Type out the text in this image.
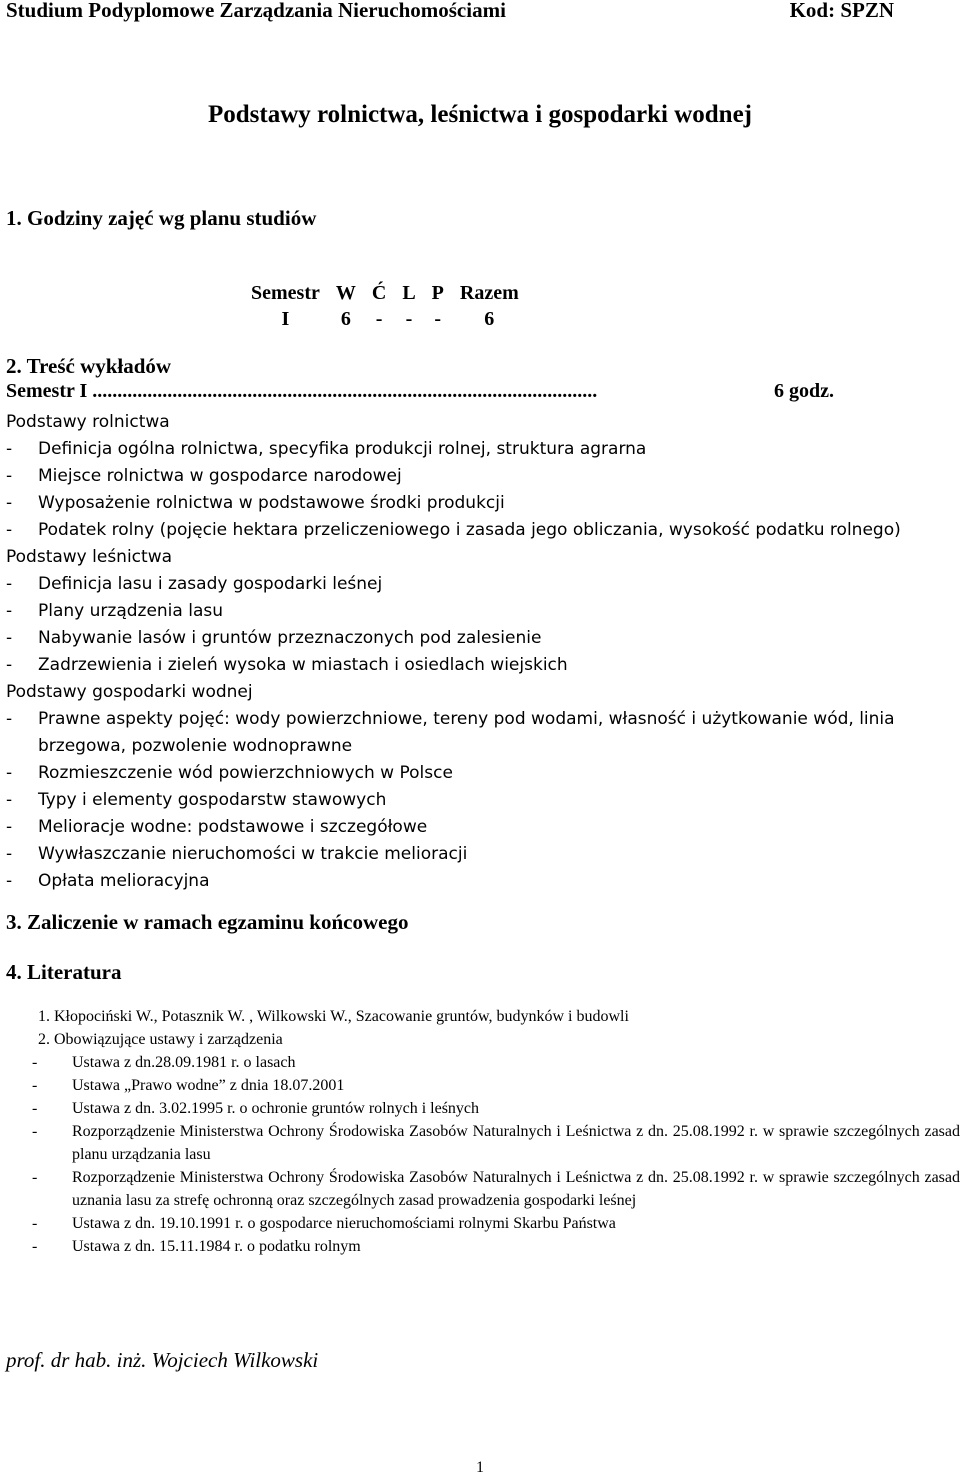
Studium Podyplomowe Zarządzania Nieruchomościami	Kod: SPZN
Podstawy rolnictwa, leśnictwa i gospodarki wodnej
1. Godziny zajęć wg planu studiów
Semestr	W	Ć	L	P	Razem
I	6	-	-	-	6
2. Treść wykładów
Semestr I .....................................................................................................	6 godz.
Podstawy rolnictwa
- Definicja ogólna rolnictwa, specyfika produkcji rolnej, struktura agrarna
- Miejsce rolnictwa w gospodarce narodowej
- Wyposażenie rolnictwa w podstawowe środki produkcji
- Podatek rolny (pojęcie hektara przeliczeniowego i zasada jego obliczania, wysokość podatku rolnego)
Podstawy leśnictwa
- Definicja lasu i zasady gospodarki leśnej
- Plany urządzenia lasu
- Nabywanie lasów i gruntów przeznaczonych pod zalesienie
- Zadrzewienia i zieleń wysoka w miastach i osiedlach wiejskich
Podstawy gospodarki wodnej
- Prawne aspekty pojęć: wody powierzchniowe, tereny pod wodami, własność i użytkowanie wód, linia brzegowa, pozwolenie wodnoprawne
- Rozmieszczenie wód powierzchniowych w Polsce
- Typy i elementy gospodarstw stawowych
- Melioracje wodne: podstawowe i szczegółowe
- Wywłaszczanie nieruchomości w trakcie melioracji
- Opłata melioracyjna
3. Zaliczenie w ramach egzaminu końcowego
4. Literatura
1. Kłopociński W., Potasznik W. , Wilkowski W., Szacowanie gruntów, budynków i budowli
2. Obowiązujące ustawy i zarządzenia
- Ustawa z dn.28.09.1981 r. o lasach
- Ustawa „Prawo wodne” z dnia 18.07.2001
- Ustawa z dn. 3.02.1995 r. o ochronie gruntów rolnych i leśnych
- Rozporządzenie Ministerstwa Ochrony Środowiska Zasobów Naturalnych i Leśnictwa z dn. 25.08.1992 r. w sprawie szczególnych zasad planu urządzania lasu
- Rozporządzenie Ministerstwa Ochrony Środowiska Zasobów Naturalnych i Leśnictwa z dn. 25.08.1992 r. w sprawie szczególnych zasad uznania lasu za strefę ochronną oraz szczególnych zasad prowadzenia gospodarki leśnej
- Ustawa z dn. 19.10.1991 r. o gospodarce nieruchomościami rolnymi Skarbu Państwa
- Ustawa z dn. 15.11.1984 r. o podatku rolnym
prof. dr hab. inż. Wojciech Wilkowski
1
